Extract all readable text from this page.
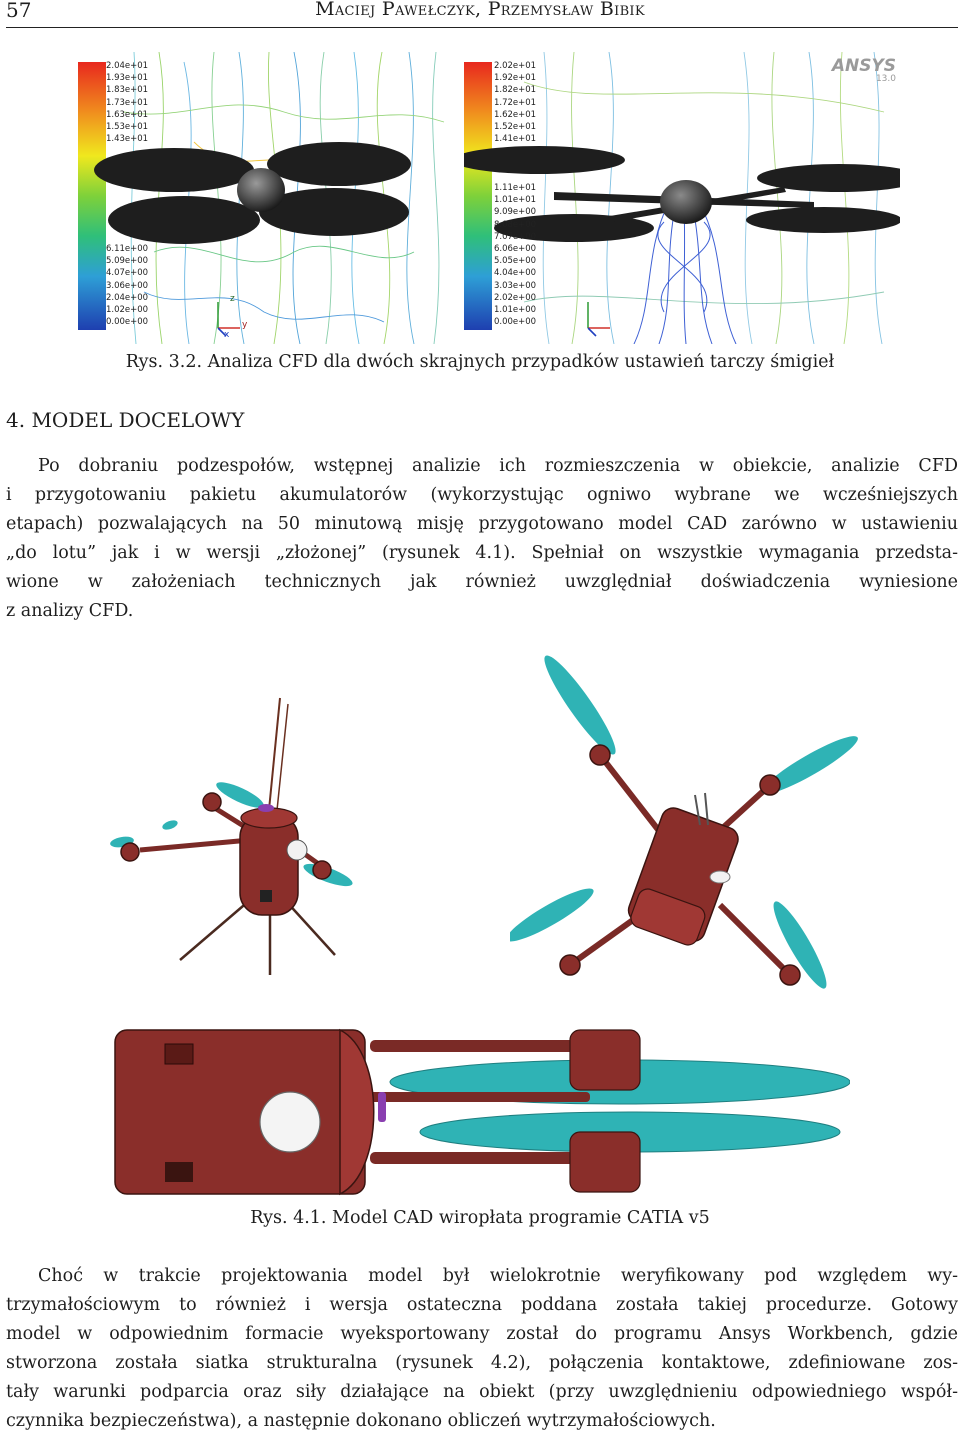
57	Maciej Pawełczyk, Przemysław Bibik
2.04e+01
1.93e+01
1.83e+01
1.73e+01
1.63e+01
1.53e+01
1.43e+01

6.11e+00
5.09e+00
4.07e+00
3.06e+00
2.04e+00
1.02e+00
0.00e+00
z
y
x
2.02e+01
1.92e+01
1.82e+01
1.72e+01
1.62e+01
1.52e+01
1.41e+01

1.11e+01
1.01e+01
9.09e+00
8.08e+00
7.07e+00
6.06e+00
5.05e+00
4.04e+00
3.03e+00
2.02e+00
1.01e+00
0.00e+00
ANSYS
13.0
Rys. 3.2. Analiza CFD dla dwóch skrajnych przypadków ustawień tarczy śmigieł
4. MODEL DOCELOWY
Po dobraniu podzespołów, wstępnej analizie ich rozmieszczenia w obiekcie, analizie CFD
i przygotowaniu pakietu akumulatorów (wykorzystując ogniwo wybrane we wcześniejszych
etapach) pozwalających na 50 minutową misję przygotowano model CAD zarówno w ustawieniu
„do lotu” jak i w wersji „złożonej” (rysunek 4.1). Spełniał on wszystkie wymagania przedsta-
wione w założeniach technicznych jak również uwzględniał doświadczenia wyniesione
z analizy CFD.
Rys. 4.1. Model CAD wiropłata programie CATIA v5
Choć w trakcie projektowania model był wielokrotnie weryfikowany pod względem wy-
trzymałościowym to również i wersja ostateczna poddana została takiej procedurze. Gotowy
model w odpowiednim formacie wyeksportowany został do programu Ansys Workbench, gdzie
stworzona została siatka strukturalna (rysunek 4.2), połączenia kontaktowe, zdefiniowane zos-
tały warunki podparcia oraz siły działające na obiekt (przy uwzględnieniu odpowiedniego współ-
czynnika bezpieczeństwa), a następnie dokonano obliczeń wytrzymałościowych.
